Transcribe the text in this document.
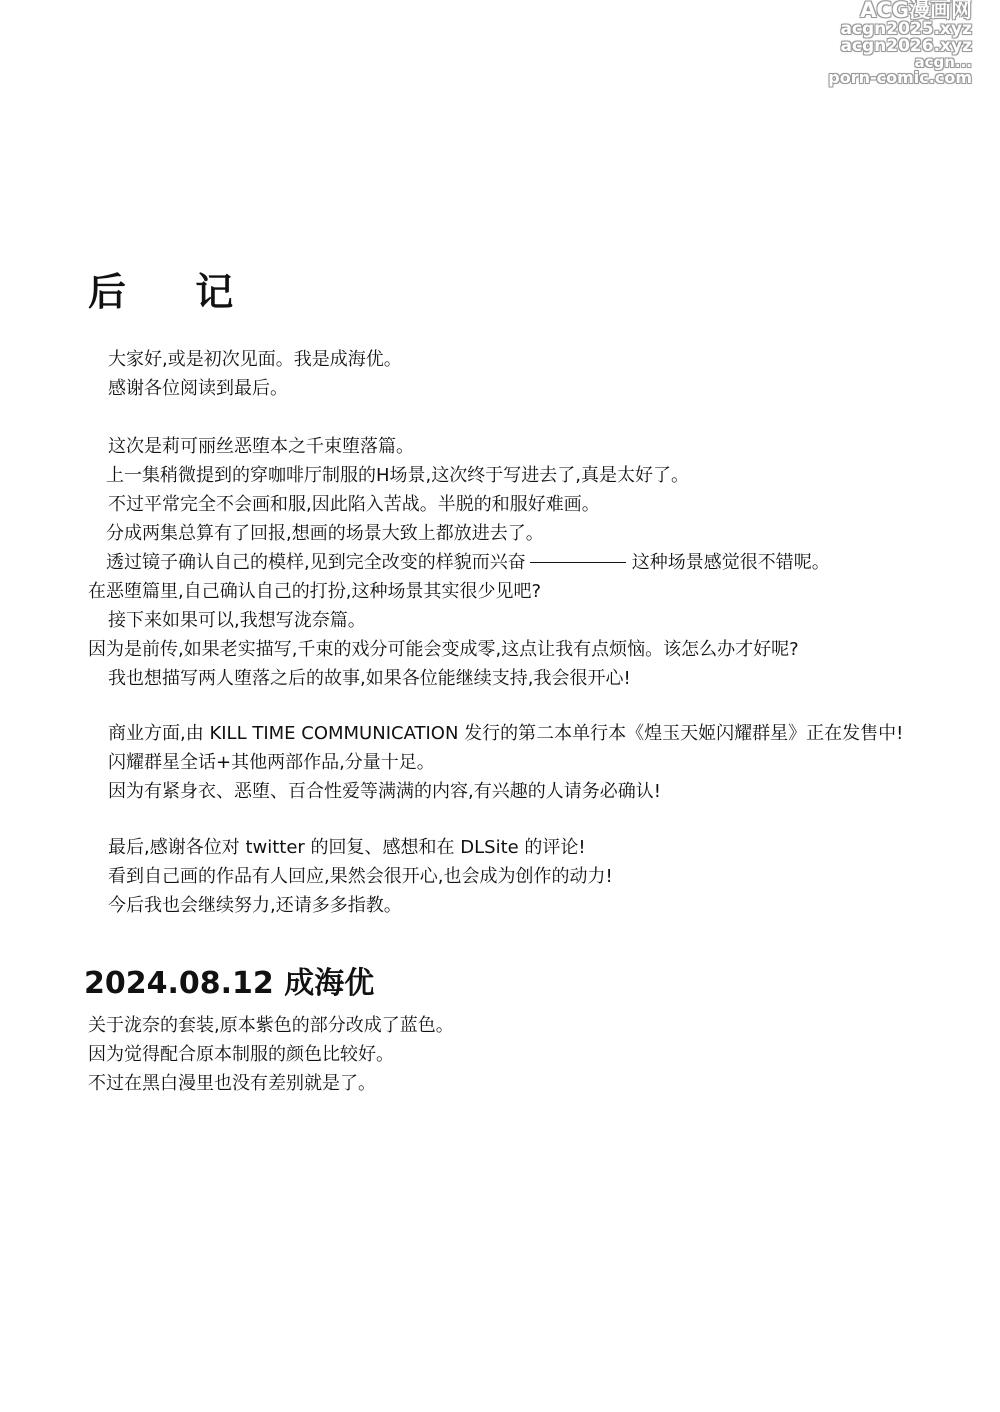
ACG漫画网
acgn2025.xyz
acgn2026.xyz
acgn...
porn-comic.com
后 记

大家好,或是初次见面。我是成海优。

感谢各位阅读到最后。

这次是莉可丽丝恶堕本之千束堕落篇。

上一集稍微提到的穿咖啡厅制服的H场景,这次终于写进去了,真是太好了。

不过平常完全不会画和服,因此陷入苦战。半脱的和服好难画。

分成两集总算有了回报,想画的场景大致上都放进去了。

透过镜子确认自己的模样,见到完全改变的样貌而兴奋	这种场景感觉很不错呢。

在恶堕篇里,自己确认自己的打扮,这种场景其实很少见吧?

接下来如果可以,我想写泷奈篇。

因为是前传,如果老实描写,千束的戏分可能会变成零,这点让我有点烦恼。该怎么办才好呢?

我也想描写两人堕落之后的故事,如果各位能继续支持,我会很开心!

商业方面,由 KILL TIME COMMUNICATION 发行的第二本单行本《煌玉天姬闪耀群星》正在发售中!

闪耀群星全话+其他两部作品,分量十足。

因为有紧身衣、恶堕、百合性爱等满满的内容,有兴趣的人请务必确认!

最后,感谢各位对 twitter 的回复、感想和在 DLSite 的评论!

看到自己画的作品有人回应,果然会很开心,也会成为创作的动力!

今后我也会继续努力,还请多多指教。

2024.08.12 成海优

关于泷奈的套装,原本紫色的部分改成了蓝色。

因为觉得配合原本制服的颜色比较好。

不过在黑白漫里也没有差别就是了。
